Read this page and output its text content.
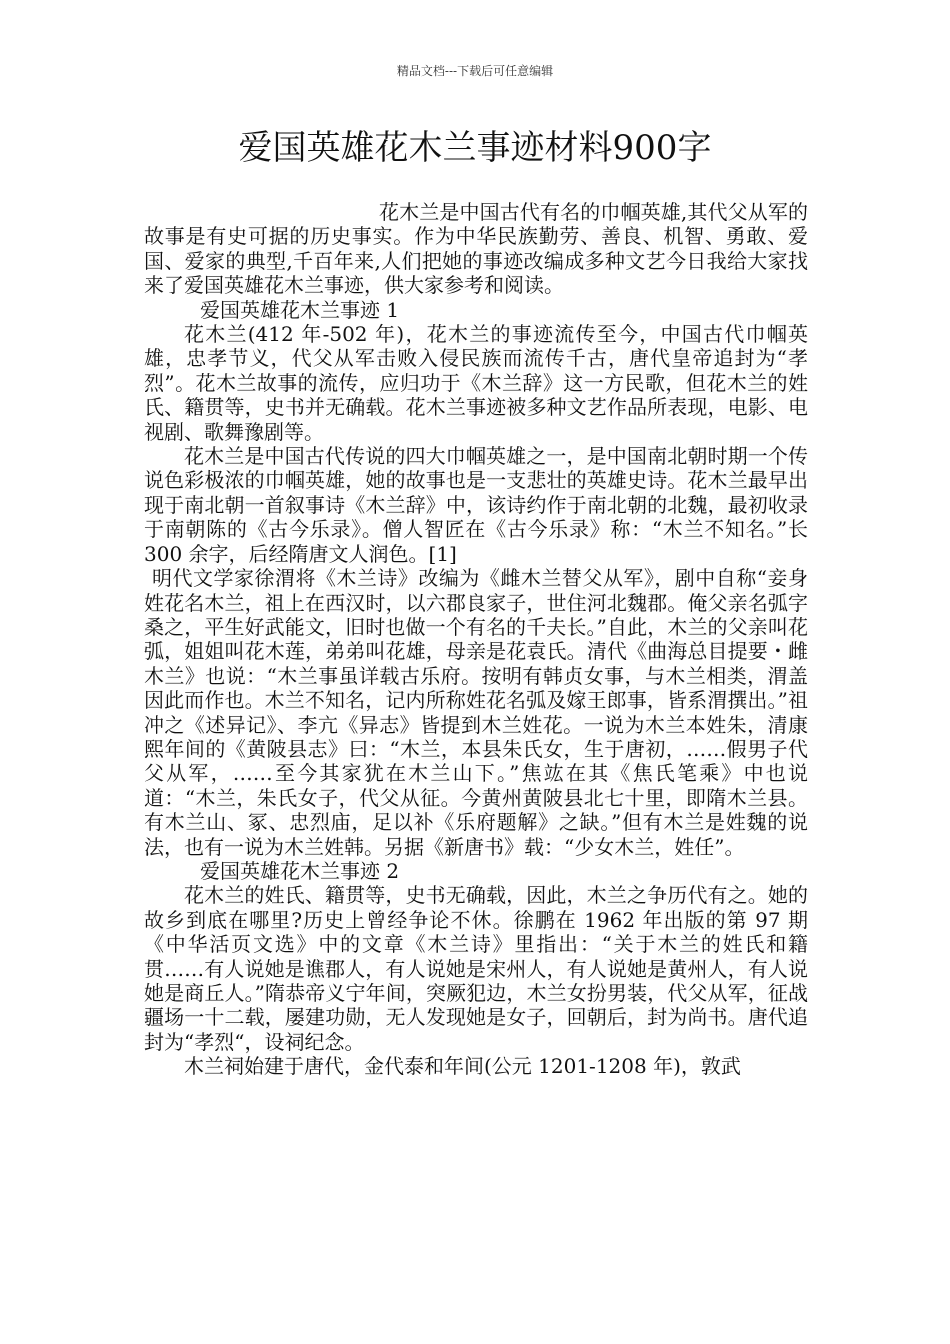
精品文档---下载后可任意编辑
爱国英雄花木兰事迹材料900字

花木兰是中国古代有名的巾帼英雄,其代父从军的故事是有史可据的历史事实。作为中华民族勤劳、善良、机智、勇敢、爱国、爱家的典型,千百年来,人们把她的事迹改编成多种文艺今日我给大家找来了爱国英雄花木兰事迹，供大家参考和阅读。

爱国英雄花木兰事迹 1

花木兰(412 年-502 年)，花木兰的事迹流传至今，中国古代巾帼英雄，忠孝节义，代父从军击败入侵民族而流传千古，唐代皇帝追封为“孝烈”。花木兰故事的流传，应归功于《木兰辞》这一方民歌，但花木兰的姓氏、籍贯等，史书并无确载。花木兰事迹被多种文艺作品所表现，电影、电视剧、歌舞豫剧等。

花木兰是中国古代传说的四大巾帼英雄之一，是中国南北朝时期一个传说色彩极浓的巾帼英雄，她的故事也是一支悲壮的英雄史诗。花木兰最早出现于南北朝一首叙事诗《木兰辞》中，该诗约作于南北朝的北魏，最初收录于南朝陈的《古今乐录》。僧人智匠在《古今乐录》称：“木兰不知名。”长 300 余字，后经隋唐文人润色。[1]

明代文学家徐渭将《木兰诗》改编为《雌木兰替父从军》，剧中自称“妾身姓花名木兰，祖上在西汉时，以六郡良家子，世住河北魏郡。俺父亲名弧字桑之，平生好武能文，旧时也做一个有名的千夫长。”自此，木兰的父亲叫花弧，姐姐叫花木莲，弟弟叫花雄，母亲是花袁氏。清代《曲海总目提要・雌木兰》也说：“木兰事虽详载古乐府。按明有韩贞女事，与木兰相类，渭盖因此而作也。木兰不知名，记内所称姓花名弧及嫁王郎事，皆系渭撰出。”祖冲之《述异记》、李亢《异志》皆提到木兰姓花。一说为木兰本姓朱，清康熙年间的《黄陂县志》曰：“木兰，本县朱氏女，生于唐初，……假男子代父从军，……至今其家犹在木兰山下。”焦竑在其《焦氏笔乘》中也说道：“木兰，朱氏女子，代父从征。今黄州黄陂县北七十里，即隋木兰县。有木兰山、冢、忠烈庙，足以补《乐府题解》之缺。”但有木兰是姓魏的说法，也有一说为木兰姓韩。另据《新唐书》载：“少女木兰，姓任”。

爱国英雄花木兰事迹 2

花木兰的姓氏、籍贯等，史书无确载，因此，木兰之争历代有之。她的故乡到底在哪里?历史上曾经争论不休。徐鹏在 1962 年出版的第 97 期《中华活页文选》中的文章《木兰诗》里指出：“关于木兰的姓氏和籍贯……有人说她是谯郡人，有人说她是宋州人，有人说她是黄州人，有人说她是商丘人。”隋恭帝义宁年间，突厥犯边，木兰女扮男装，代父从军，征战疆场一十二载，屡建功勋，无人发现她是女子，回朝后，封为尚书。唐代追封为“孝烈“，设祠纪念。

木兰祠始建于唐代，金代泰和年间(公元 1201-1208 年)，敦武
